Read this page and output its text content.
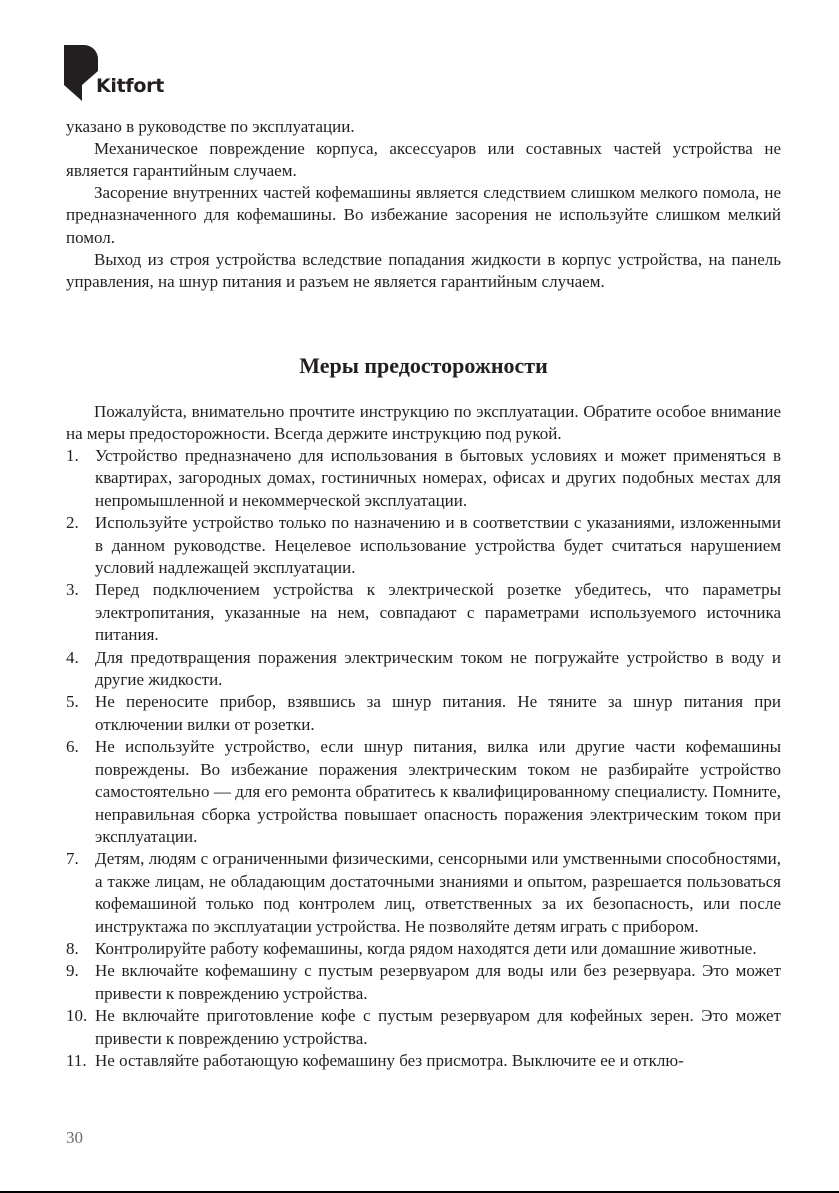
Kitfort
указано в руководстве по эксплуатации.
Механическое повреждение корпуса, аксессуаров или составных частей устройства не является гарантийным случаем.
Засорение внутренних частей кофемашины является следствием слишком мелкого помола, не предназначенного для кофемашины. Во избежание засорения не используйте слишком мелкий помол.
Выход из строя устройства вследствие попадания жидкости в корпус устройства, на панель управления, на шнур питания и разъем не является гарантийным случаем.
Меры предосторожности
Пожалуйста, внимательно прочтите инструкцию по эксплуатации. Обратите особое внимание на меры предосторожности. Всегда держите инструкцию под рукой.
1. Устройство предназначено для использования в бытовых условиях и может применяться в квартирах, загородных домах, гостиничных номерах, офисах и других подобных местах для непромышленной и некоммерческой эксплуатации.
2. Используйте устройство только по назначению и в соответствии с указаниями, изложенными в данном руководстве. Нецелевое использование устройства будет считаться нарушением условий надлежащей эксплуатации.
3. Перед подключением устройства к электрической розетке убедитесь, что параметры электропитания, указанные на нем, совпадают с параметрами используемого источника питания.
4. Для предотвращения поражения электрическим током не погружайте устройство в воду и другие жидкости.
5. Не переносите прибор, взявшись за шнур питания. Не тяните за шнур питания при отключении вилки от розетки.
6. Не используйте устройство, если шнур питания, вилка или другие части кофемашины повреждены. Во избежание поражения электрическим током не разбирайте устройство самостоятельно — для его ремонта обратитесь к квалифицированному специалисту. Помните, неправильная сборка устройства повышает опасность поражения электрическим током при эксплуатации.
7. Детям, людям с ограниченными физическими, сенсорными или умственными способностями, а также лицам, не обладающим достаточными знаниями и опытом, разрешается пользоваться кофемашиной только под контролем лиц, ответственных за их безопасность, или после инструктажа по эксплуатации устройства. Не позволяйте детям играть с прибором.
8. Контролируйте работу кофемашины, когда рядом находятся дети или домашние животные.
9. Не включайте кофемашину с пустым резервуаром для воды или без резервуара. Это может привести к повреждению устройства.
10. Не включайте приготовление кофе с пустым резервуаром для кофейных зерен. Это может привести к повреждению устройства.
11. Не оставляйте работающую кофемашину без присмотра. Выключите ее и отклю-
30
